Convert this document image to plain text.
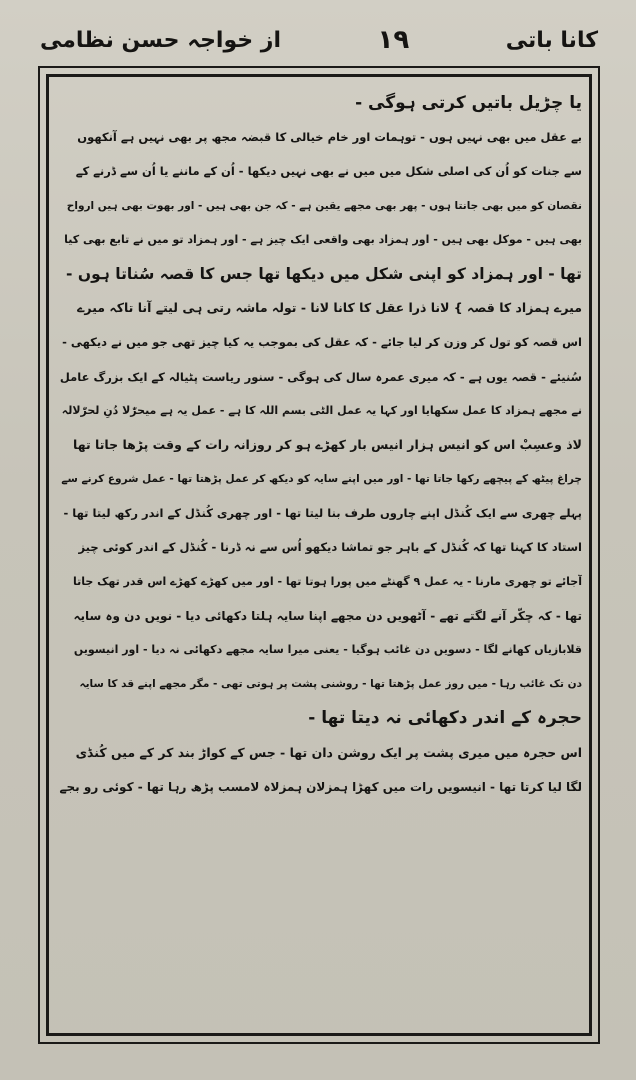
کانا باتی
۱۹
از خواجہ حسن نظامی
یا چڑیل باتیں کرتی ہوگی -
بے عقل میں بھی نہیں ہوں - توہمات اور خام خیالی کا قبضہ مجھ پر بھی نہیں ہے آنکھوں
سے جنات کو اُن کی اصلی شکل میں میں نے بھی نہیں دیکھا - اُن کے ماننے یا اُن سے ڈرنے کے
نقصان کو میں بھی جانتا ہوں - پھر بھی مجھے یقین ہے - کہ جن بھی ہیں - اور بھوت بھی ہیں ارواح
بھی ہیں - موکل بھی ہیں - اور ہمزاد بھی واقعی ایک چیز ہے - اور ہمزاد تو میں نے تابع بھی کیا
تھا - اور ہمزاد کو اپنی شکل میں دیکھا تھا جس کا قصہ سُناتا ہوں -
میرے ہمزاد کا قصہ } لانا ذرا عقل کا کانا لانا - تولہ ماشہ رتی ہی لیتے آنا تاکہ میرے
اس قصہ کو تول کر وزن کر لیا جائے - کہ عقل کی بموجب یہ کیا چیز تھی جو میں نے دیکھی -
سُنیئے - قصہ یوں ہے - کہ میری عمرہ سال کی ہوگی - سنور ریاست پٹیالہ کے ایک بزرگ عامل
نے مجھے ہمزاد کا عمل سکھایا اور کہا یہ عمل الٹی بسم اللہ کا ہے - عمل یہ ہے میحرّٰلا دُنِ لحرّٰلالہ
لاذ وعسِبْ اس کو انیس ہزار انیس بار کھڑے ہو کر روزانہ رات کے وقت پڑھا جاتا تھا
چراغ پیٹھ کے پیچھے رکھا جاتا تھا - اور میں اپنے سایہ کو دیکھ کر عمل پڑھتا تھا - عمل شروع کرنے سے
پہلے چھری سے ایک کُنڈل اپنے چاروں طرف بنا لیتا تھا - اور چھری کُنڈل کے اندر رکھ لیتا تھا -
استاد کا کہنا تھا کہ کُنڈل کے باہر جو تماشا دیکھو اُس سے نہ ڈرنا - کُنڈل کے اندر کوئی چیز
آجائے تو چھری مارنا - یہ عمل ۹ گھنٹے میں پورا ہوتا تھا - اور میں کھڑے کھڑے اس قدر تھک جاتا
تھا - کہ چکّر آنے لگتے تھے - آٹھویں دن مجھے اپنا سایہ ہلتا دکھائی دیا - نویں دن وہ سایہ
قلابازیاں کھانے لگا - دسویں دن غائب ہوگیا - یعنی میرا سایہ مجھے دکھائی نہ دیا - اور انیسویں
دن تک غائب رہا - میں روز عمل پڑھتا تھا - روشنی پشت پر ہوتی تھی - مگر مجھے اپنے قد کا سایہ
حجرہ کے اندر دکھائی نہ دیتا تھا -
اس حجرہ میں میری پشت پر ایک روشن دان تھا - جس کے کواڑ بند کر کے میں کُنڈی
لگا لیا کرتا تھا - انیسویں رات میں کھڑا ہمزلان ہمزلاہ لامسب پڑھ رہا تھا - کوئی رو بجے
